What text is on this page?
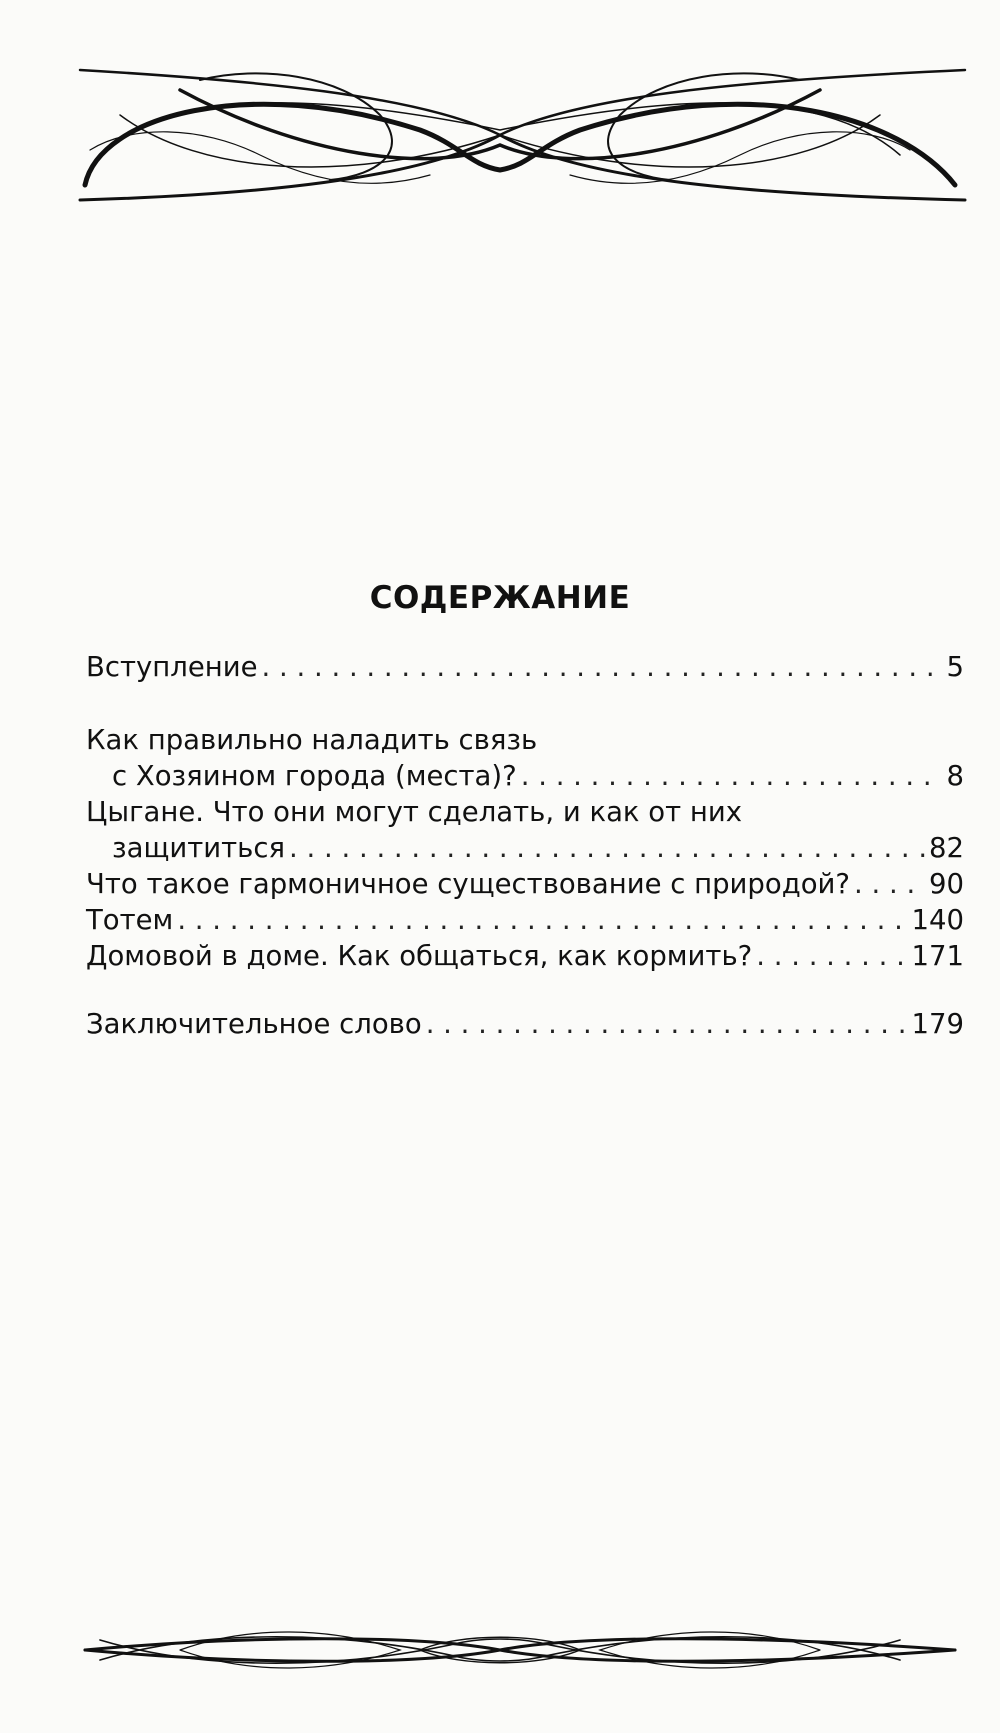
СОДЕРЖАНИЕ
Вступление . . .	5
Как правильно наладить связь
с Хозяином города (места)? . . .	8
Цыгане. Что они могут сделать, и как от них
защититься . . .	82
Что такое гармоничное существование с природой? . . .	90
Тотем . . .	140
Домовой в доме. Как общаться, как кормить? . . .	171
Заключительное слово . . .	179
